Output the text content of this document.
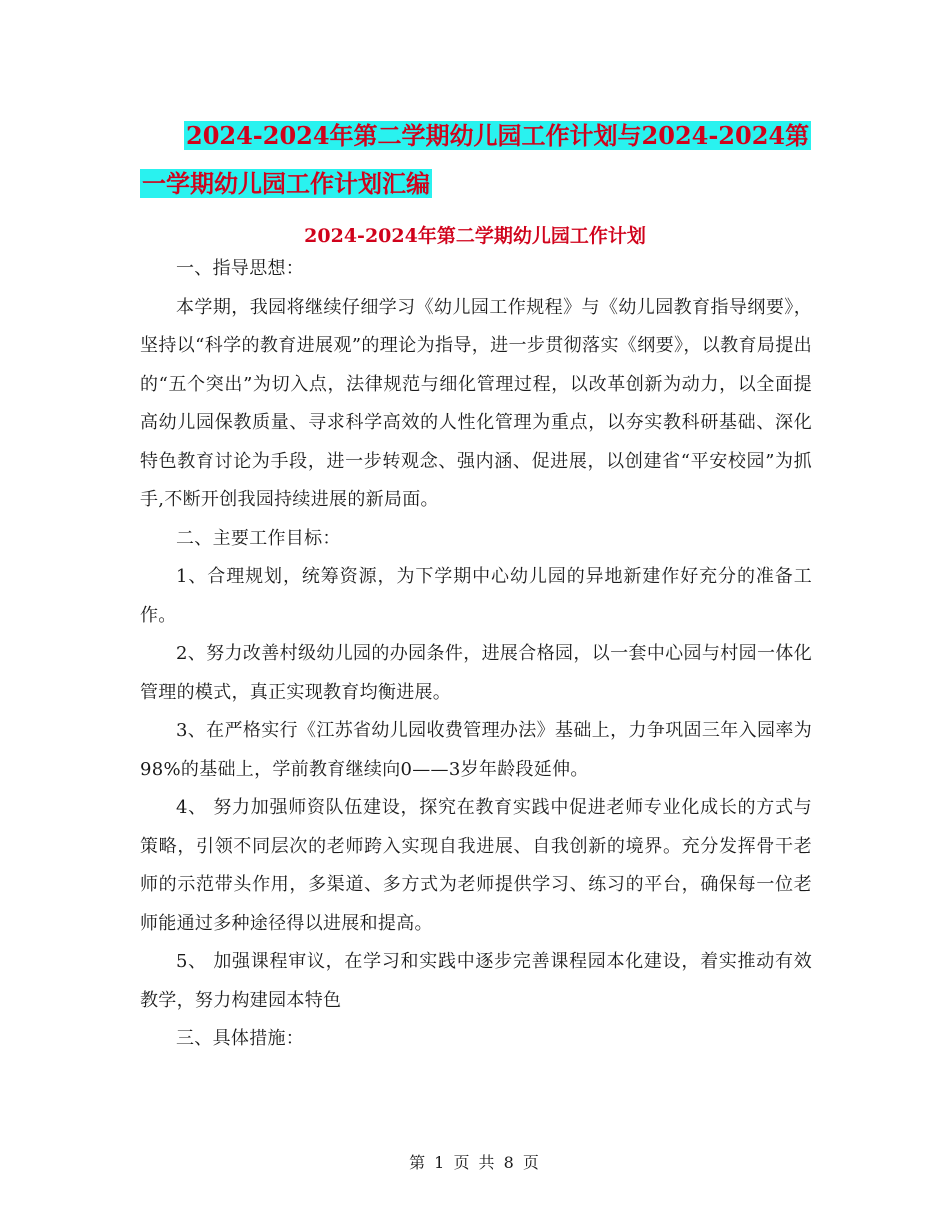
2024-2024年第二学期幼儿园工作计划与2024-2024第
一学期幼儿园工作计划汇编
2024-2024年第二学期幼儿园工作计划

一、指导思想：

本学期，我园将继续仔细学习《幼儿园工作规程》与《幼儿园教育指导纲要》，坚持以“科学的教育进展观”的理论为指导，进一步贯彻落实《纲要》，以教育局提出的“五个突出”为切入点，法律规范与细化管理过程，以改革创新为动力，以全面提高幼儿园保教质量、寻求科学高效的人性化管理为重点，以夯实教科研基础、深化特色教育讨论为手段，进一步转观念、强内涵、促进展，以创建省“平安校园”为抓手,不断开创我园持续进展的新局面。

二、主要工作目标：

1、合理规划，统筹资源，为下学期中心幼儿园的异地新建作好充分的准备工作。

2、努力改善村级幼儿园的办园条件，进展合格园，以一套中心园与村园一体化管理的模式，真正实现教育均衡进展。

3、在严格实行《江苏省幼儿园收费管理办法》基础上，力争巩固三年入园率为98%的基础上，学前教育继续向0——3岁年龄段延伸。

4、 努力加强师资队伍建设，探究在教育实践中促进老师专业化成长的方式与策略，引领不同层次的老师跨入实现自我进展、自我创新的境界。充分发挥骨干老师的示范带头作用，多渠道、多方式为老师提供学习、练习的平台，确保每一位老师能通过多种途径得以进展和提高。

5、 加强课程审议，在学习和实践中逐步完善课程园本化建设，着实推动有效教学，努力构建园本特色

三、具体措施：

第 1 页 共 8 页
